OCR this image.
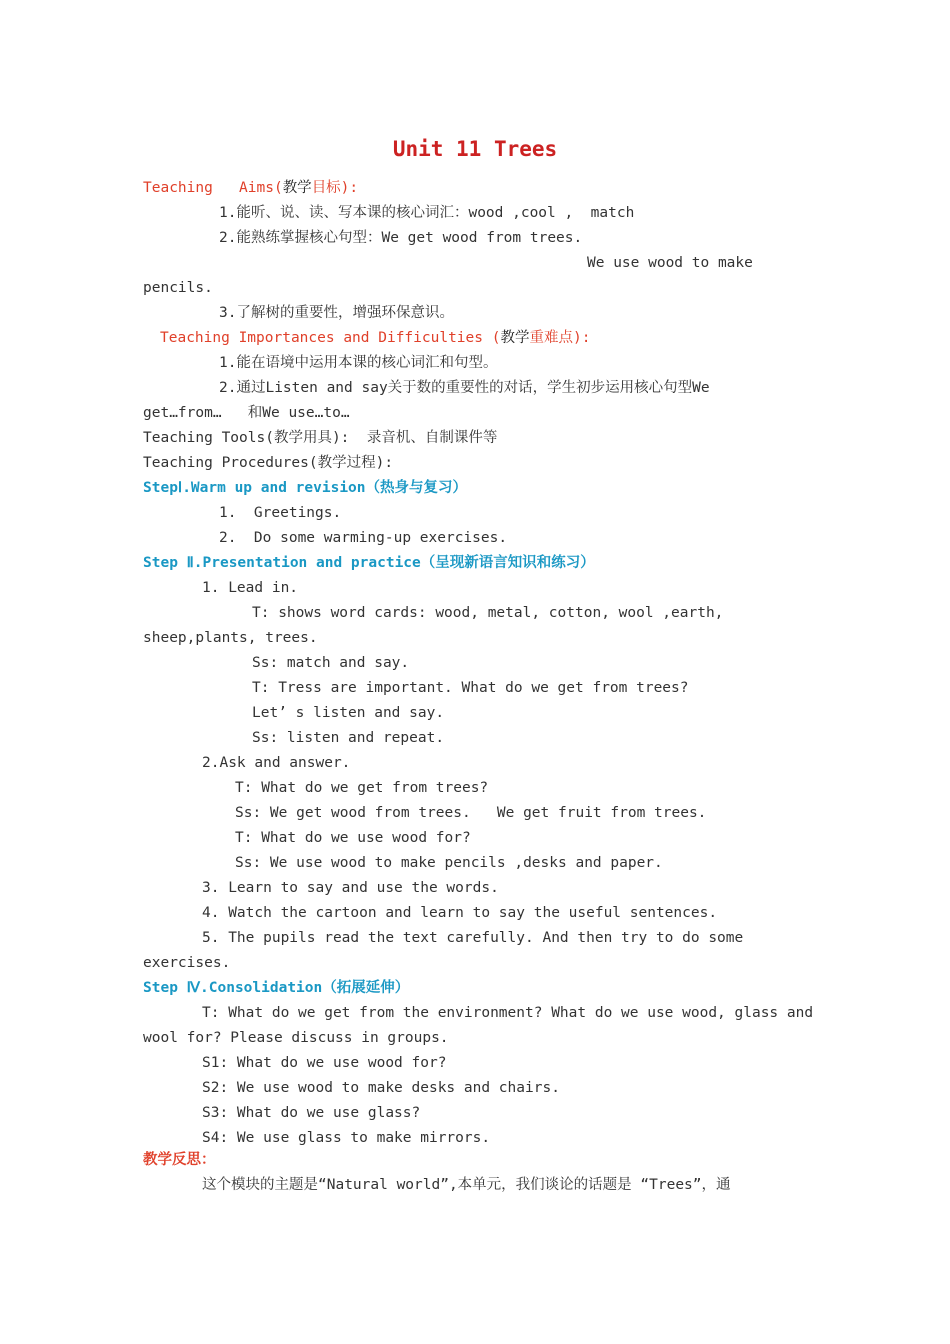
Unit 11 Trees
Teaching   Aims(教学目标):
1.能听、说、读、写本课的核心词汇：wood ,cool ,  match
2.能熟练掌握核心句型：We get wood from trees.
We use wood to make
pencils.
3.了解树的重要性，增强环保意识。
Teaching Importances and Difficulties (教学重难点):
1.能在语境中运用本课的核心词汇和句型。
2.通过Listen and say关于数的重要性的对话，学生初步运用核心句型We
get…from…   和We use…to…
Teaching Tools(教学用具):  录音机、自制课件等
Teaching Procedures(教学过程):
StepⅠ.Warm up and revision（热身与复习）
1.  Greetings.
2.  Do some warming-up exercises.
Step Ⅱ.Presentation and practice（呈现新语言知识和练习）
1. Lead in.
T: shows word cards: wood, metal, cotton, wool ,earth,
sheep,plants, trees.
Ss: match and say.
T: Tress are important. What do we get from trees?
Let’ s listen and say.
Ss: listen and repeat.
2.Ask and answer.
T: What do we get from trees?
Ss: We get wood from trees.   We get fruit from trees.
T: What do we use wood for?
Ss: We use wood to make pencils ,desks and paper.
3. Learn to say and use the words.
4. Watch the cartoon and learn to say the useful sentences.
5. The pupils read the text carefully. And then try to do some
exercises.
Step Ⅳ.Consolidation（拓展延伸）
T: What do we get from the environment? What do we use wood, glass and
wool for? Please discuss in groups.
S1: What do we use wood for?
S2: We use wood to make desks and chairs.
S3: What do we use glass?
S4: We use glass to make mirrors.
教学反思：
这个模块的主题是“Natural world”,本单元，我们谈论的话题是 “Trees”，通
